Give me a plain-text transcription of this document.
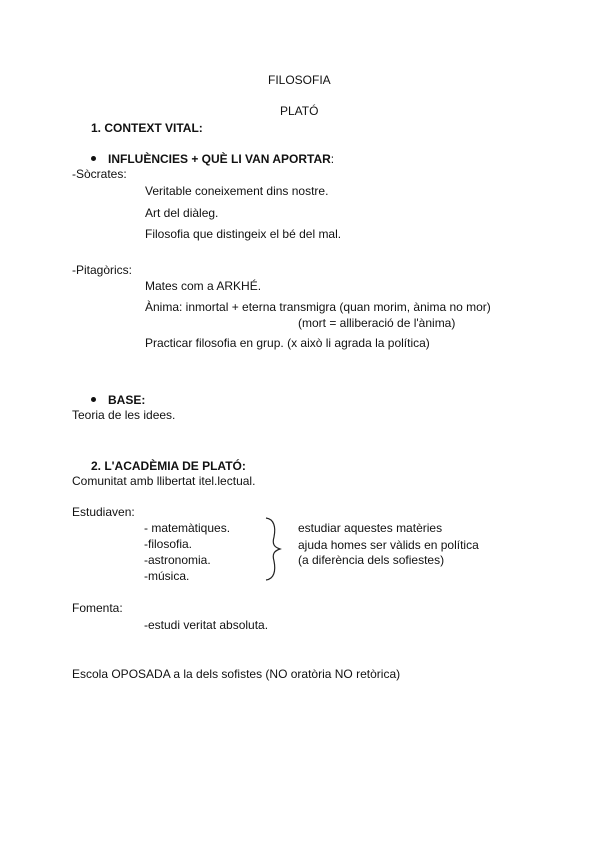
FILOSOFIA
PLATÓ
1. CONTEXT VITAL:
INFLUÈNCIES + QUÈ LI VAN APORTAR:
-Sòcrates:
Veritable coneixement dins nostre.
Art del diàleg.
Filosofia que distingeix el bé del mal.
-Pitagòrics:
Mates com a ARKHÉ.
Ànima: inmortal + eterna transmigra (quan morim, ànima no mor)
(mort = alliberació de l'ànima)
Practicar filosofia en grup. (x això li agrada la política)
BASE:
Teoria de les idees.
2. L'ACADÈMIA DE PLATÓ:
Comunitat amb llibertat itel.lectual.
Estudiaven:
- matemàtiques.
-filosofia.
-astronomia.
-música.
estudiar aquestes matèries
ajuda homes ser vàlids en política
(a diferència dels sofiestes)
Fomenta:
-estudi veritat absoluta.
Escola OPOSADA a la dels sofistes (NO oratòria NO retòrica)
